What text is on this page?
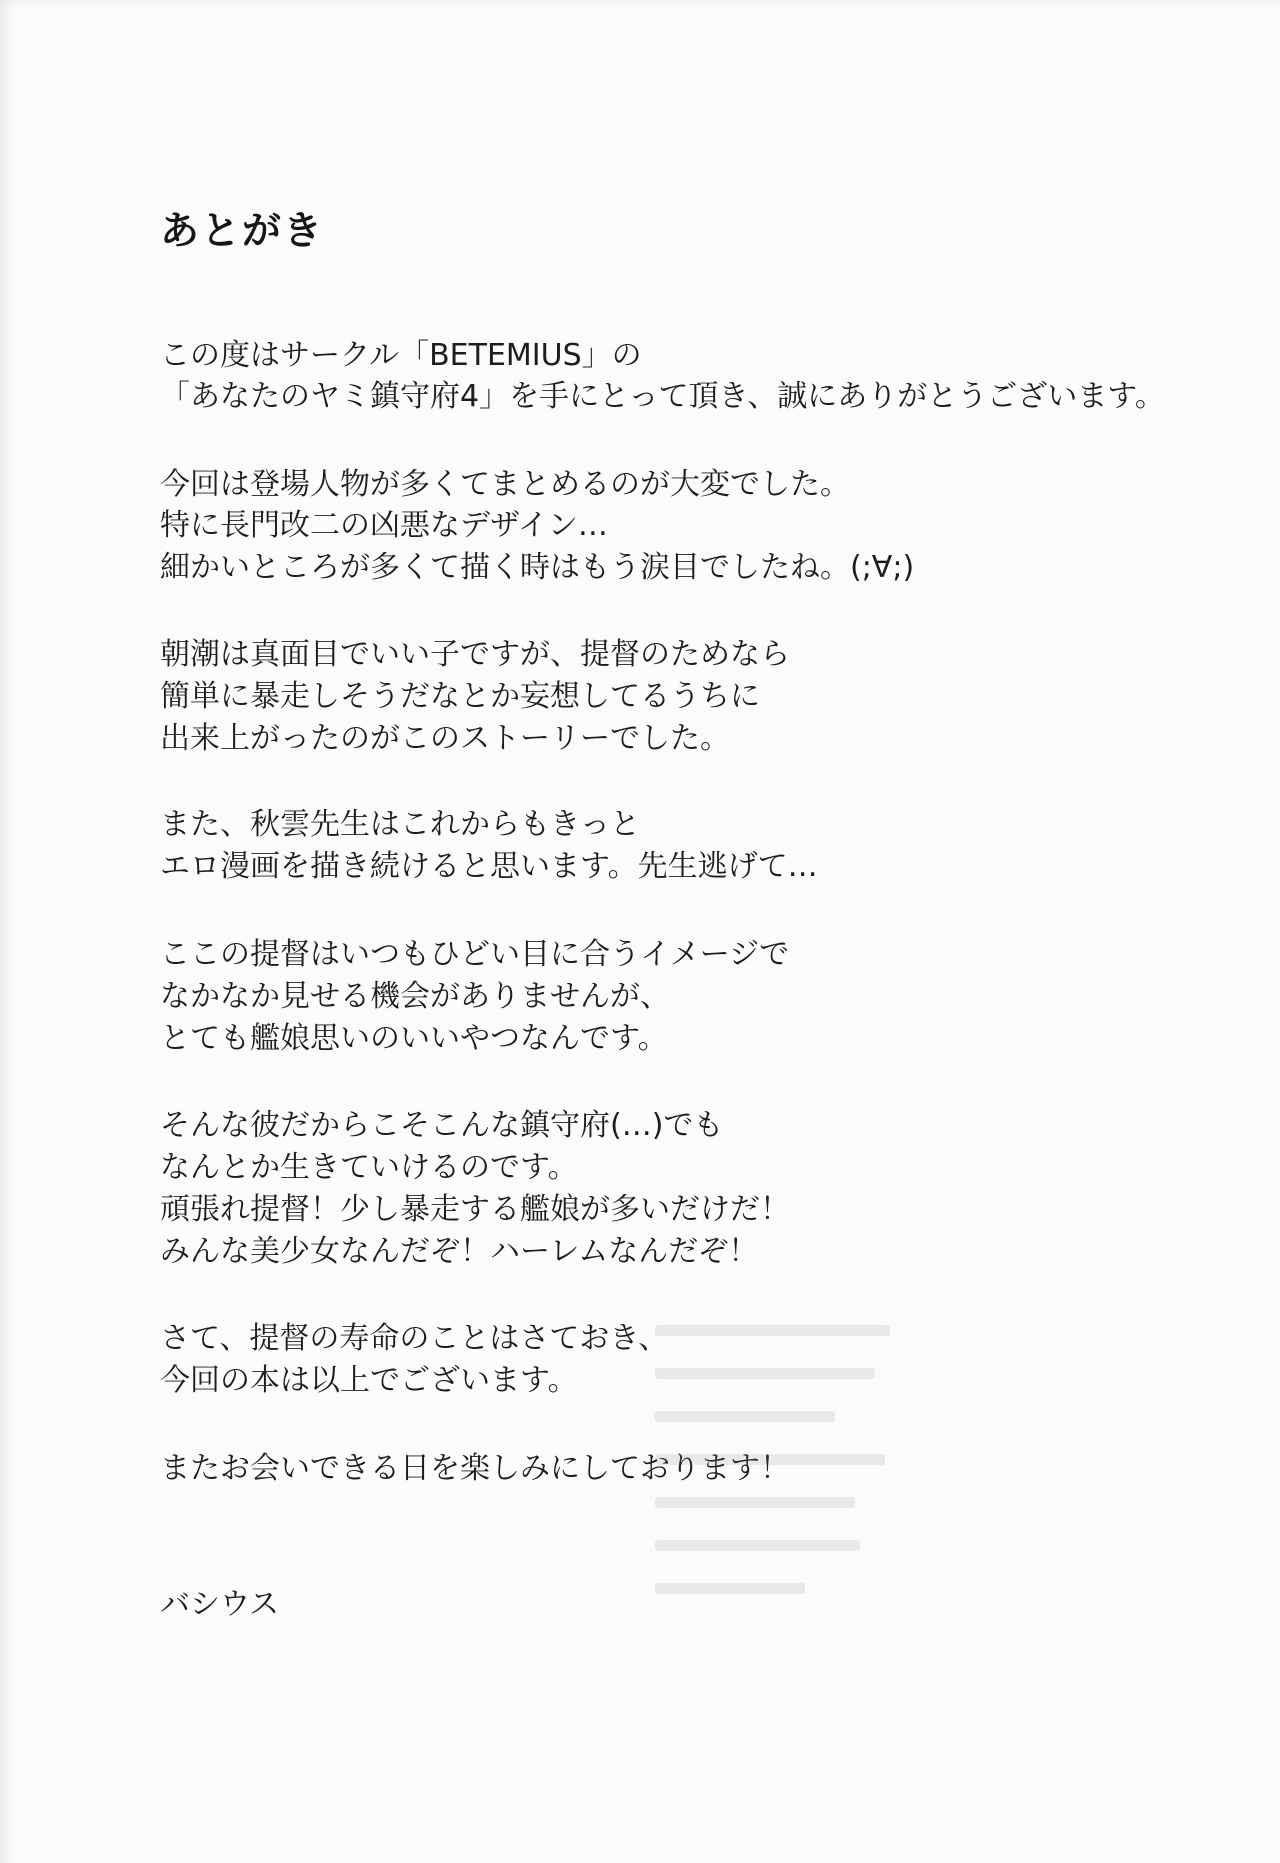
あとがき
この度はサークル「BETEMIUS」の
「あなたのヤミ鎮守府4」を手にとって頂き、誠にありがとうございます。
今回は登場人物が多くてまとめるのが大変でした。
特に長門改二の凶悪なデザイン…
細かいところが多くて描く時はもう涙目でしたね。(;∀;)
朝潮は真面目でいい子ですが、提督のためなら
簡単に暴走しそうだなとか妄想してるうちに
出来上がったのがこのストーリーでした。
また、秋雲先生はこれからもきっと
エロ漫画を描き続けると思います。先生逃げて…
ここの提督はいつもひどい目に合うイメージで
なかなか見せる機会がありませんが、
とても艦娘思いのいいやつなんです。
そんな彼だからこそこんな鎮守府(…)でも
なんとか生きていけるのです。
頑張れ提督！少し暴走する艦娘が多いだけだ！
みんな美少女なんだぞ！ハーレムなんだぞ！
さて、提督の寿命のことはさておき、
今回の本は以上でございます。
またお会いできる日を楽しみにしております！
バシウス
